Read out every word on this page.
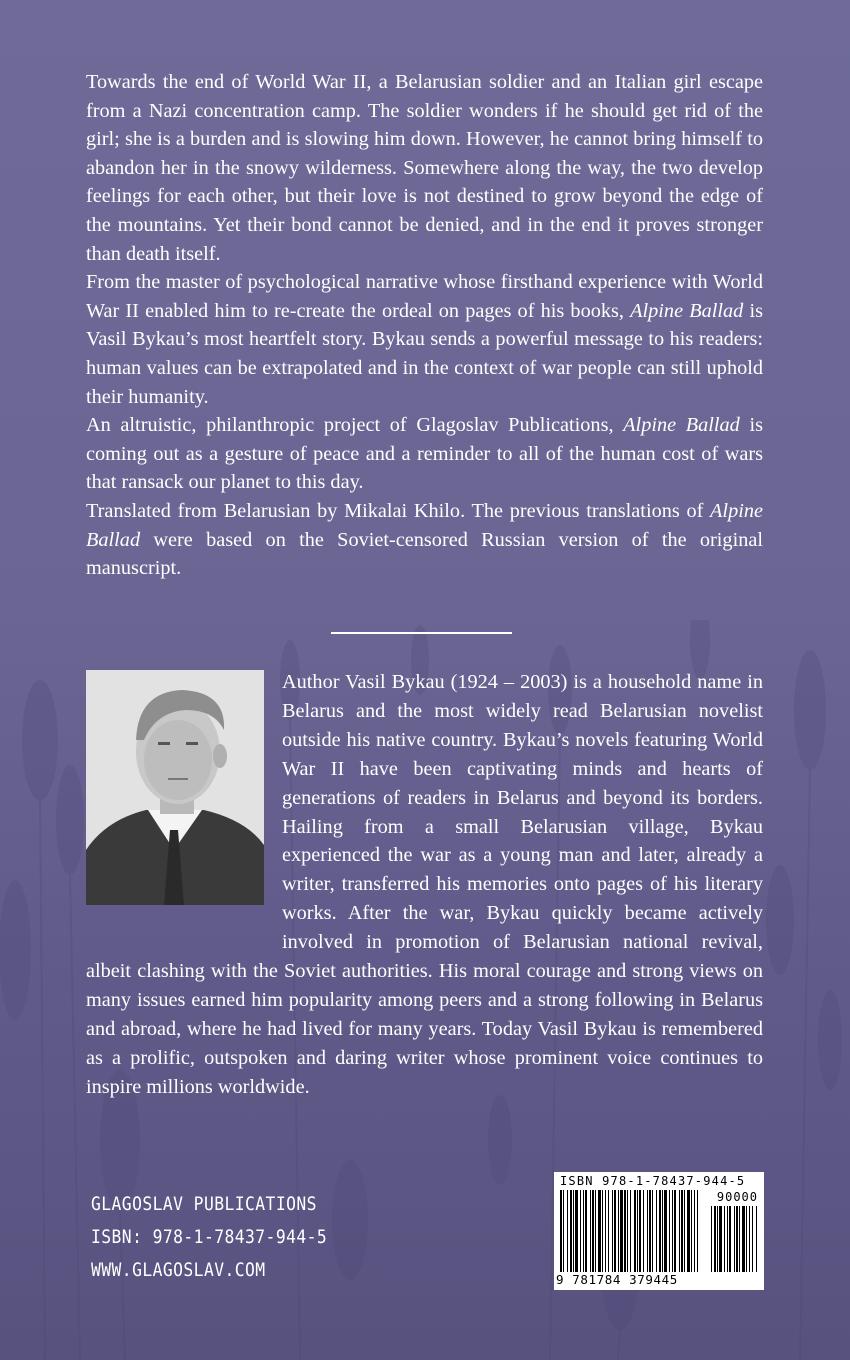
Towards the end of World War II, a Belarusian soldier and an Italian girl escape from a Nazi concentration camp. The soldier wonders if he should get rid of the girl; she is a burden and is slowing him down. However, he cannot bring himself to abandon her in the snowy wilderness. Somewhere along the way, the two develop feelings for each other, but their love is not destined to grow beyond the edge of the mountains. Yet their bond cannot be denied, and in the end it proves stronger than death itself.

From the master of psychological narrative whose firsthand experience with World War II enabled him to re-create the ordeal on pages of his books, Alpine Ballad is Vasil Bykau’s most heartfelt story. Bykau sends a powerful message to his readers: human values can be extrapolated and in the context of war people can still uphold their humanity.

An altruistic, philanthropic project of Glagoslav Publications, Alpine Ballad is coming out as a gesture of peace and a reminder to all of the human cost of wars that ransack our planet to this day.

Translated from Belarusian by Mikalai Khilo. The previous translations of Alpine Ballad were based on the Soviet-censored Russian version of the original manuscript.

Author Vasil Bykau (1924 – 2003) is a household name in Belarus and the most widely read Belarusian novelist outside his native country. Bykau’s novels featuring World War II have been captivating minds and hearts of generations of readers in Belarus and beyond its borders. Hailing from a small Belarusian village, Bykau experienced the war as a young man and later, already a writer, transferred his memories onto pages of his literary works. After the war, Bykau quickly became actively involved in promotion of Belarusian national revival, albeit clashing with the Soviet authorities. His moral courage and strong views on many issues earned him popularity among peers and a strong following in Belarus and abroad, where he had lived for many years. Today Vasil Bykau is remembered as a prolific, outspoken and daring writer whose prominent voice continues to inspire millions worldwide.

GLAGOSLAV PUBLICATIONS
ISBN: 978-1-78437-944-5
WWW.GLAGOSLAV.COM
ISBN 978-1-78437-944-5
90000
9 781784 379445
